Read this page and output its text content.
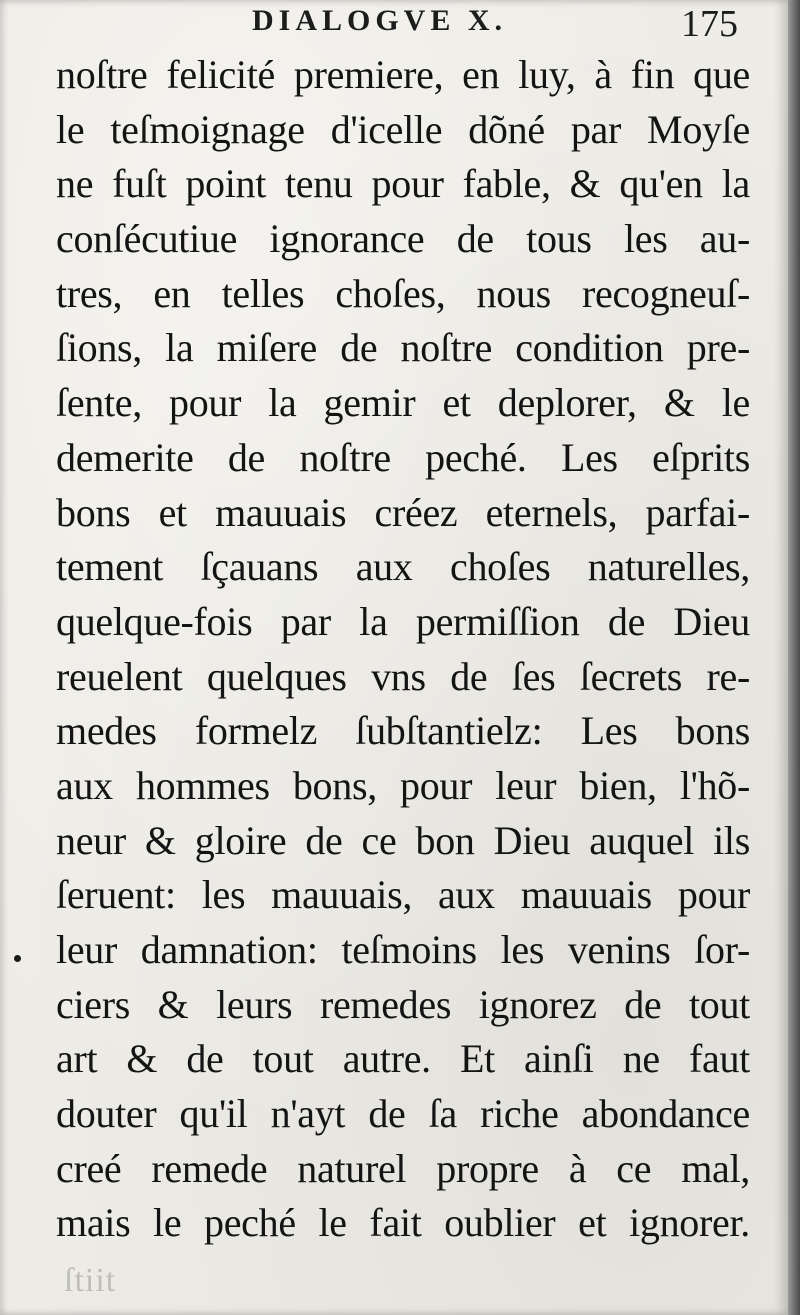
DIALOGVE X.	175
noſtre felicité premiere, en luy, à fin que
le teſmoignage d'icelle dõné par Moyſe
ne fuſt point tenu pour fable, & qu'en la
conſécutiue ignorance de tous les au-
tres, en telles choſes, nous recogneuſ-
ſions, la miſere de noſtre condition pre-
ſente, pour la gemir et deplorer, & le
demerite de noſtre peché. Les eſprits
bons et mauuais créez eternels, parfai-
tement ſçauans aux choſes naturelles,
quelque-fois par la permiſſion de Dieu
reuelent quelques vns de ſes ſecrets re-
medes formelz ſubſtantielz: Les bons
aux hommes bons, pour leur bien, l'hõ-
neur & gloire de ce bon Dieu auquel ils
ſeruent: les mauuais, aux mauuais pour
leur damnation: teſmoins les venins ſor-
ciers & leurs remedes ignorez de tout
art & de tout autre. Et ainſi ne faut
douter qu'il n'ayt de ſa riche abondance
creé remede naturel propre à ce mal,
mais le peché le fait oublier et ignorer.
ſtiit
